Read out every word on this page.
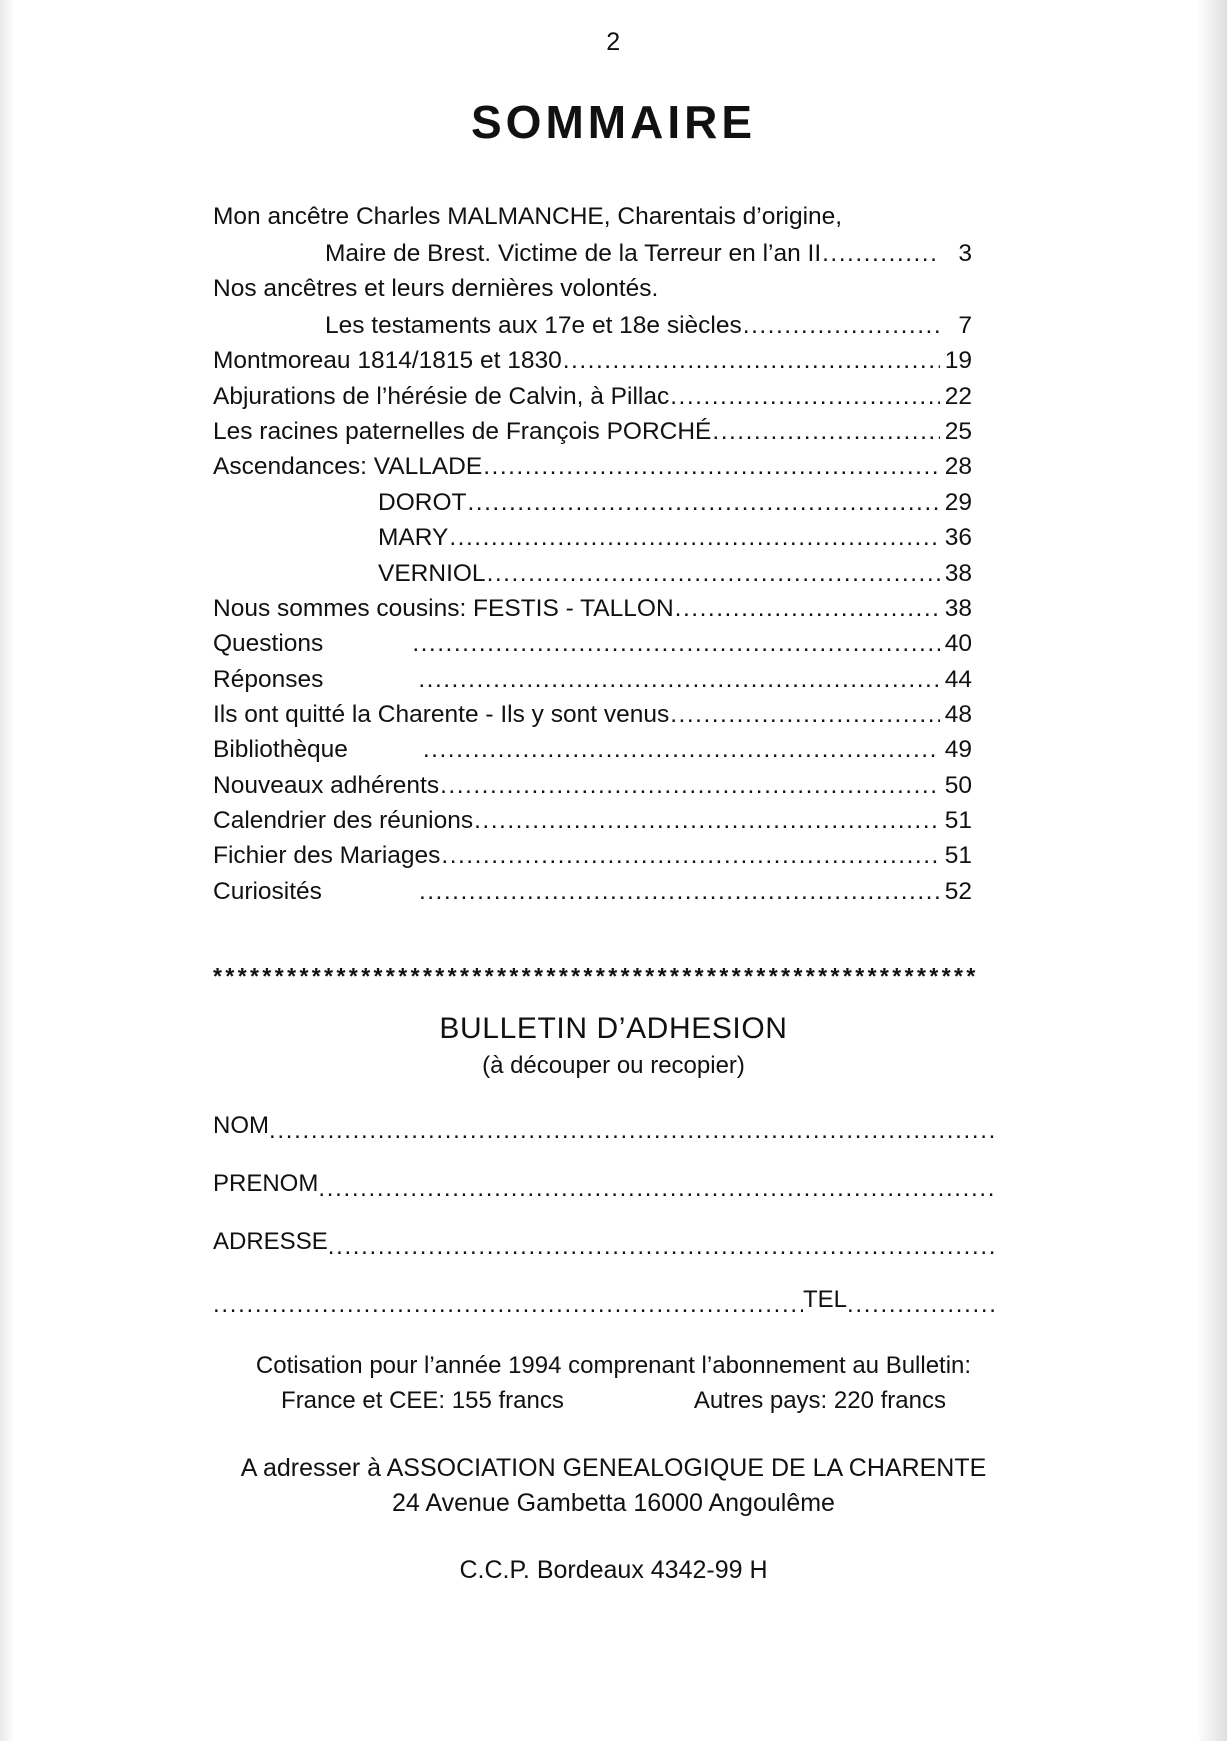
2
SOMMAIRE
Mon ancêtre Charles MALMANCHE, Charentais d’origine,
Maire de Brest. Victime de la Terreur en l’an II .....	3
Nos ancêtres et leurs dernières volontés.
Les testaments aux 17e et 18e siècles .....	7
Montmoreau 1814/1815 et 1830 .....	19
Abjurations de l’hérésie de Calvin, à Pillac .....	22
Les racines paternelles de François PORCHÉ .....	25
Ascendances: VALLADE .....	28
DOROT .....	29
MARY .....	36
VERNIOL .....	38
Nous sommes cousins: FESTIS - TALLON .....	38
Questions .....	40
Réponses .....	44
Ils ont quitté la Charente - Ils y sont venus .....	48
Bibliothèque .....	49
Nouveaux adhérents .....	50
Calendrier des réunions .....	51
Fichier des Mariages .....	51
Curiosités .....	52
**************************************************************
BULLETIN D’ADHESION
(à découper ou recopier)
NOM
.....
PRENOM
.....
ADRESSE
.....
.....
TEL
.....
Cotisation pour l’année 1994 comprenant l’abonnement au Bulletin:
France et CEE: 155 francs	Autres pays: 220 francs
A adresser à ASSOCIATION GENEALOGIQUE DE LA CHARENTE
24 Avenue Gambetta 16000 Angoulême
C.C.P. Bordeaux 4342-99 H
